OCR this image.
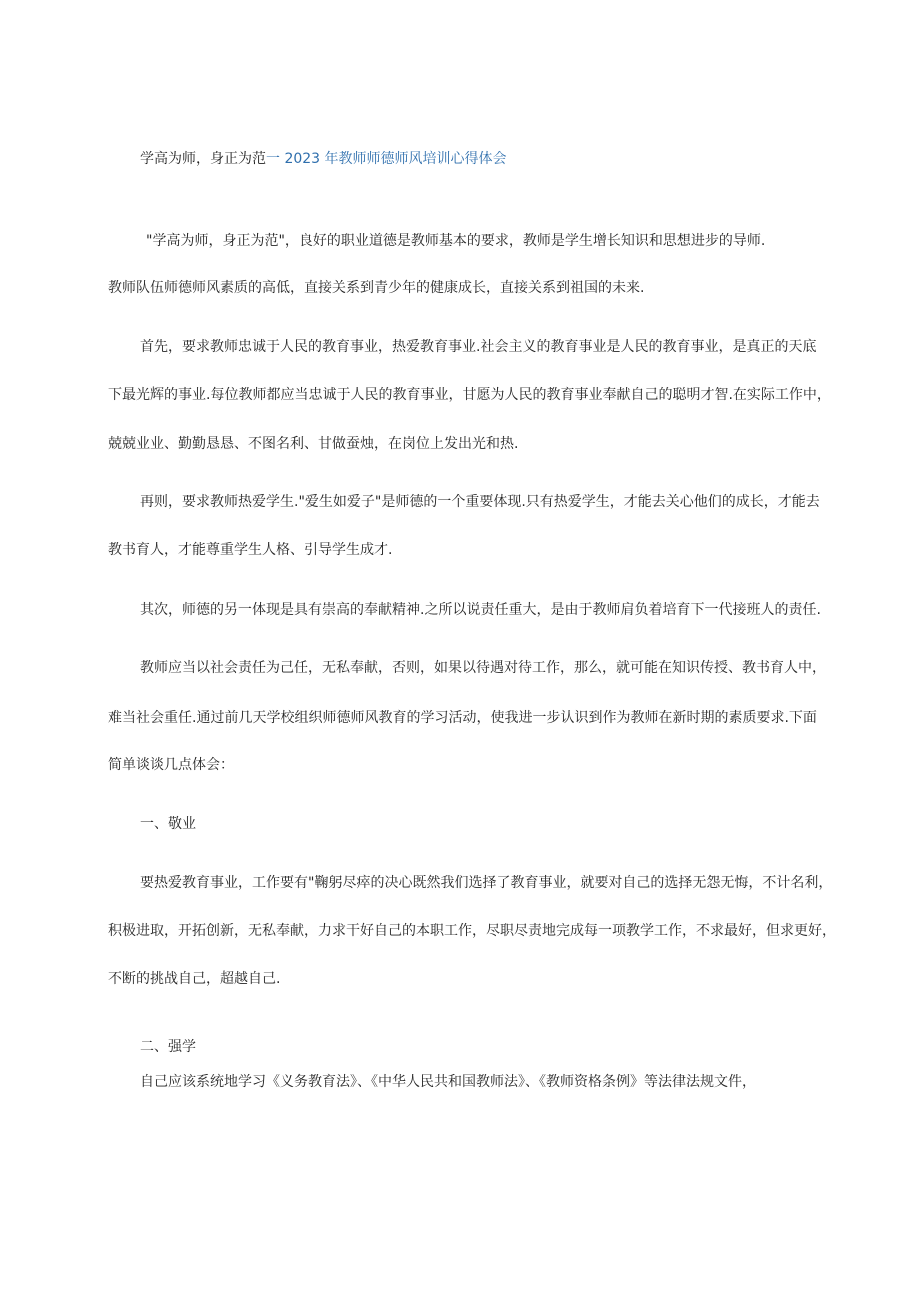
学高为师，身正为范一 2023 年教师师德师风培训心得体会
"学高为师，身正为范"，良好的职业道德是教师基本的要求，教师是学生增长知识和思想进步的导师.
教师队伍师德师风素质的高低，直接关系到青少年的健康成长，直接关系到祖国的未来.
首先，要求教师忠诚于人民的教育事业，热爱教育事业.社会主义的教育事业是人民的教育事业，是真正的天底
下最光辉的事业.每位教师都应当忠诚于人民的教育事业，甘愿为人民的教育事业奉献自己的聪明才智.在实际工作中，
兢兢业业、勤勤恳恳、不图名利、甘做蚕烛，在岗位上发出光和热.
再则，要求教师热爱学生."爱生如爱子"是师德的一个重要体现.只有热爱学生，才能去关心他们的成长，才能去
教书育人，才能尊重学生人格、引导学生成才.
其次，师德的另一体现是具有崇高的奉献精神.之所以说责任重大，是由于教师肩负着培育下一代接班人的责任.
教师应当以社会责任为己任，无私奉献，否则，如果以待遇对待工作，那么，就可能在知识传授、教书育人中，
难当社会重任.通过前几天学校组织师德师风教育的学习活动，使我进一步认识到作为教师在新时期的素质要求.下面
简单谈谈几点体会：
一、敬业
要热爱教育事业，工作要有"鞠躬尽瘁的决心既然我们选择了教育事业，就要对自己的选择无怨无悔，不计名利，
积极进取，开拓创新，无私奉献，力求干好自己的本职工作，尽职尽责地完成每一项教学工作，不求最好，但求更好，
不断的挑战自己，超越自己.
二、强学
自己应该系统地学习《义务教育法》、《中华人民共和国教师法》、《教师资格条例》等法律法规文件，
